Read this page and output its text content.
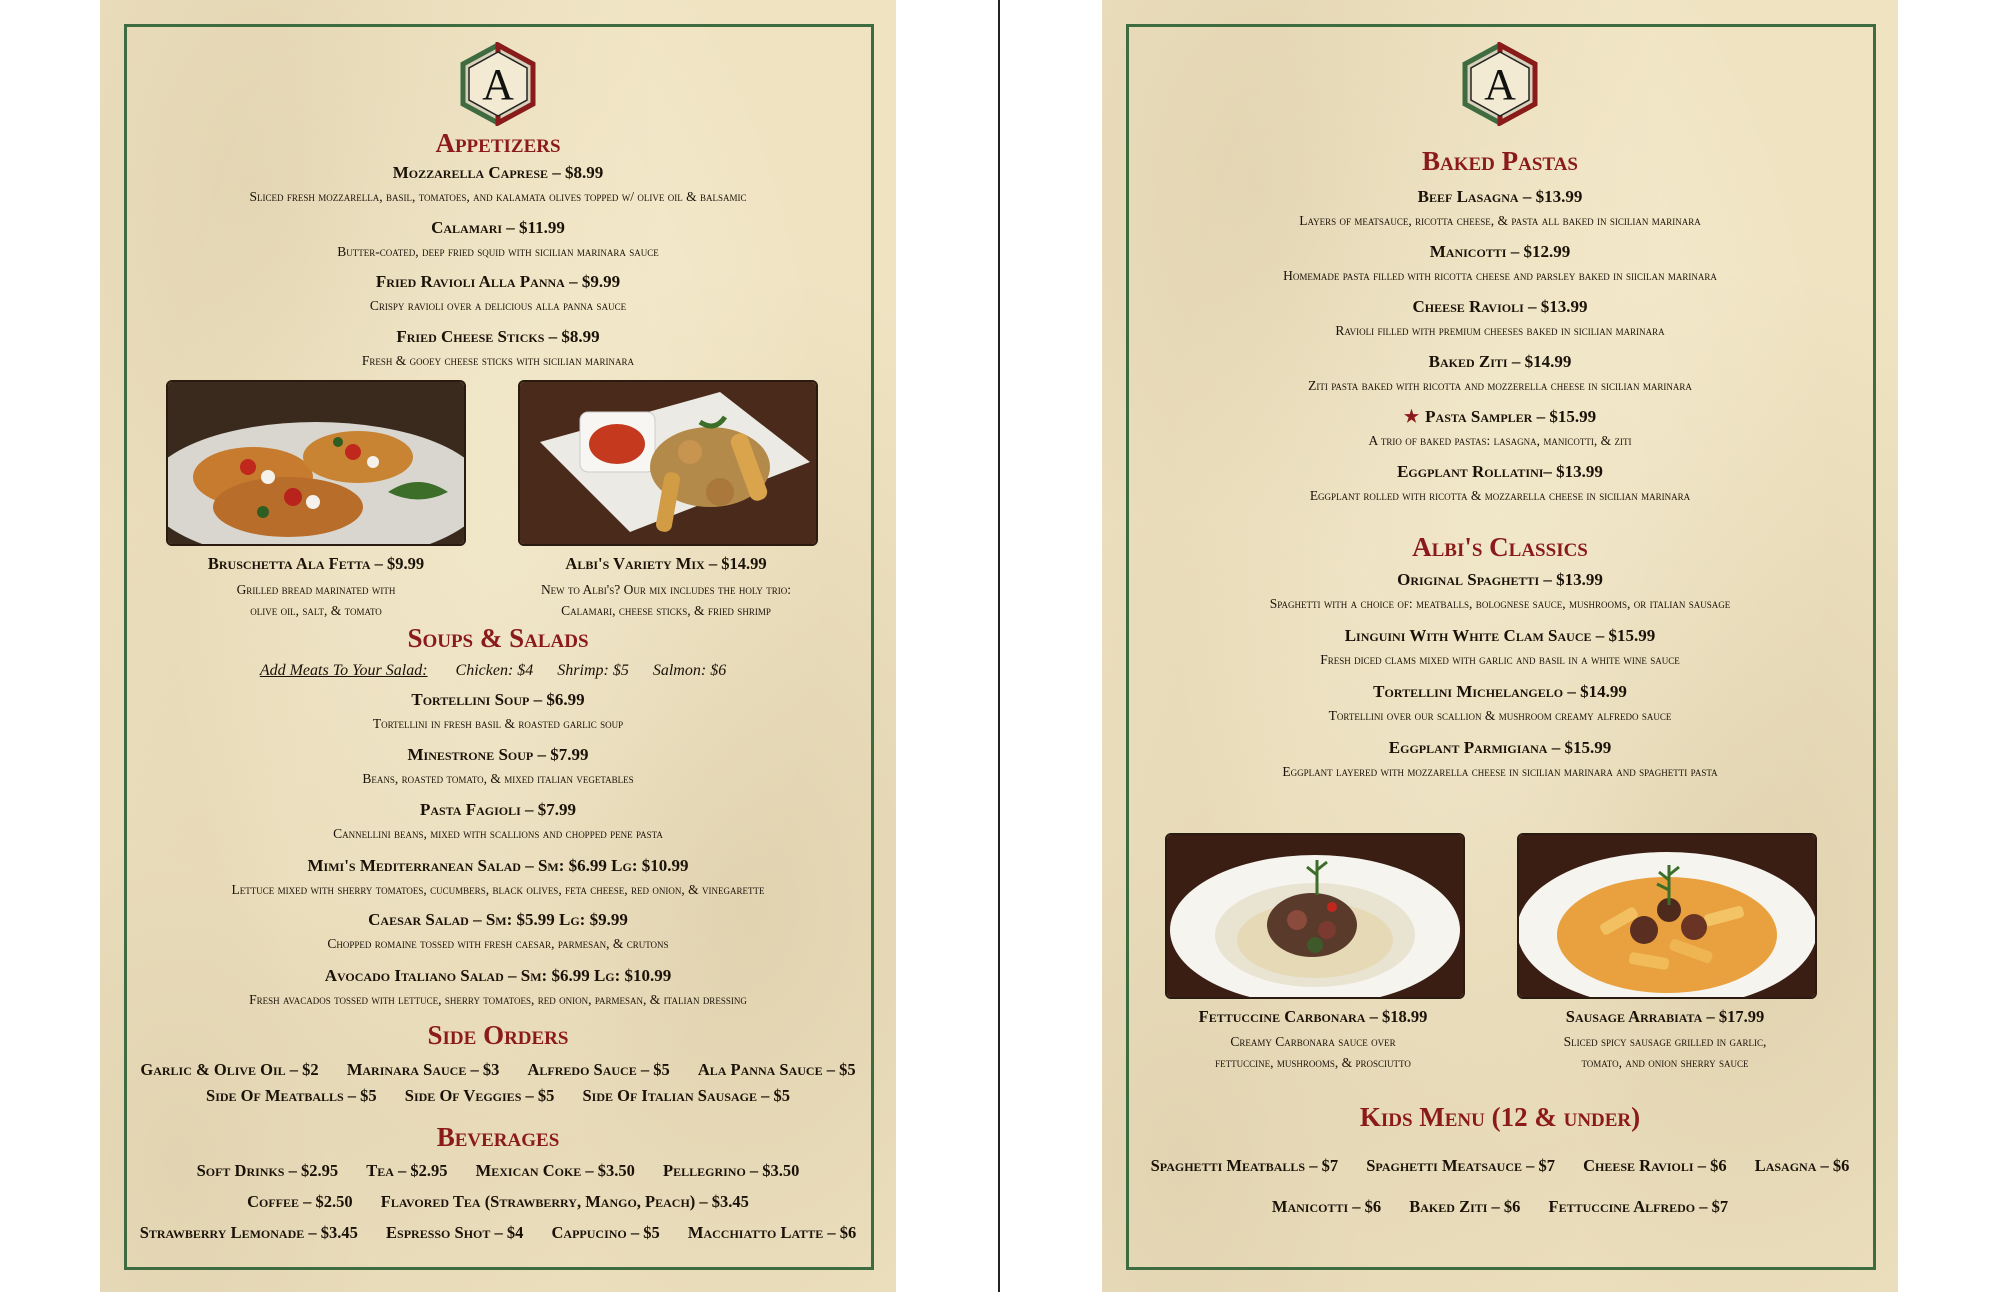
A
Appetizers
Mozzarella Caprese – $8.99
Sliced fresh mozzarella, basil, tomatoes, and kalamata olives topped w/ olive oil & balsamic
Calamari – $11.99
Butter-coated, deep fried squid with sicilian marinara sauce
Fried Ravioli Alla Panna – $9.99
Crispy ravioli over a delicious alla panna sauce
Fried Cheese Sticks – $8.99
Fresh & gooey cheese sticks with sicilian marinara
Bruschetta Ala Fetta – $9.99
Grilled bread marinated with
olive oil, salt, & tomato
Albi's Variety Mix – $14.99
New to Albi's? Our mix includes the holy trio:
Calamari, cheese sticks, & fried shrimp
Soups & Salads
Add Meats To Your Salad: Chicken: $4 Shrimp: $5 Salmon: $6
Tortellini Soup – $6.99
Tortellini in fresh basil & roasted garlic soup
Minestrone Soup – $7.99
Beans, roasted tomato, & mixed italian vegetables
Pasta Fagioli – $7.99
Cannellini beans, mixed with scallions and chopped pene pasta
Mimi's Mediterranean Salad – Sm: $6.99 Lg: $10.99
Lettuce mixed with sherry tomatoes, cucumbers, black olives, feta cheese, red onion, & vinegarette
Caesar Salad – Sm: $5.99 Lg: $9.99
Chopped romaine tossed with fresh caesar, parmesan, & crutons
Avocado Italiano Salad – Sm: $6.99 Lg: $10.99
Fresh avacados tossed with lettuce, sherry tomatoes, red onion, parmesan, & italian dressing
Side Orders
Garlic & Olive Oil – $2 Marinara Sauce – $3 Alfredo Sauce – $5 Ala Panna Sauce – $5
Side Of Meatballs – $5 Side Of Veggies – $5 Side Of Italian Sausage – $5
Beverages
Soft Drinks – $2.95 Tea – $2.95 Mexican Coke – $3.50 Pellegrino – $3.50
Coffee – $2.50 Flavored Tea (Strawberry, Mango, Peach) – $3.45
Strawberry Lemonade – $3.45 Espresso Shot – $4 Cappucino – $5 Macchiatto Latte – $6
A
Baked Pastas
Beef Lasagna – $13.99
Layers of meatsauce, ricotta cheese, & pasta all baked in sicilian marinara
Manicotti – $12.99
Homemade pasta filled with ricotta cheese and parsley baked in siicilan marinara
Cheese Ravioli – $13.99
Ravioli filled with premium cheeses baked in sicilian marinara
Baked Ziti – $14.99
Ziti pasta baked with ricotta and mozzerella cheese in sicilian marinara
★ Pasta Sampler – $15.99
A trio of baked pastas: lasagna, manicotti, & ziti
Eggplant Rollatini– $13.99
Eggplant rolled with ricotta & mozzarella cheese in sicilian marinara
Albi's Classics
Original Spaghetti – $13.99
Spaghetti with a choice of: meatballs, bolognese sauce, mushrooms, or italian sausage
Linguini With White Clam Sauce – $15.99
Fresh diced clams mixed with garlic and basil in a white wine sauce
Tortellini Michelangelo – $14.99
Tortellini over our scallion & mushroom creamy alfredo sauce
Eggplant Parmigiana – $15.99
Eggplant layered with mozzarella cheese in sicilian marinara and spaghetti pasta
Fettuccine Carbonara – $18.99
Creamy Carbonara sauce over
fettuccine, mushrooms, & prosciutto
Sausage Arrabiata – $17.99
Sliced spicy sausage grilled in garlic,
tomato, and onion sherry sauce
Kids Menu (12 & under)
Spaghetti Meatballs – $7 Spaghetti Meatsauce – $7 Cheese Ravioli – $6 Lasagna – $6
Manicotti – $6 Baked Ziti – $6 Fettuccine Alfredo – $7
